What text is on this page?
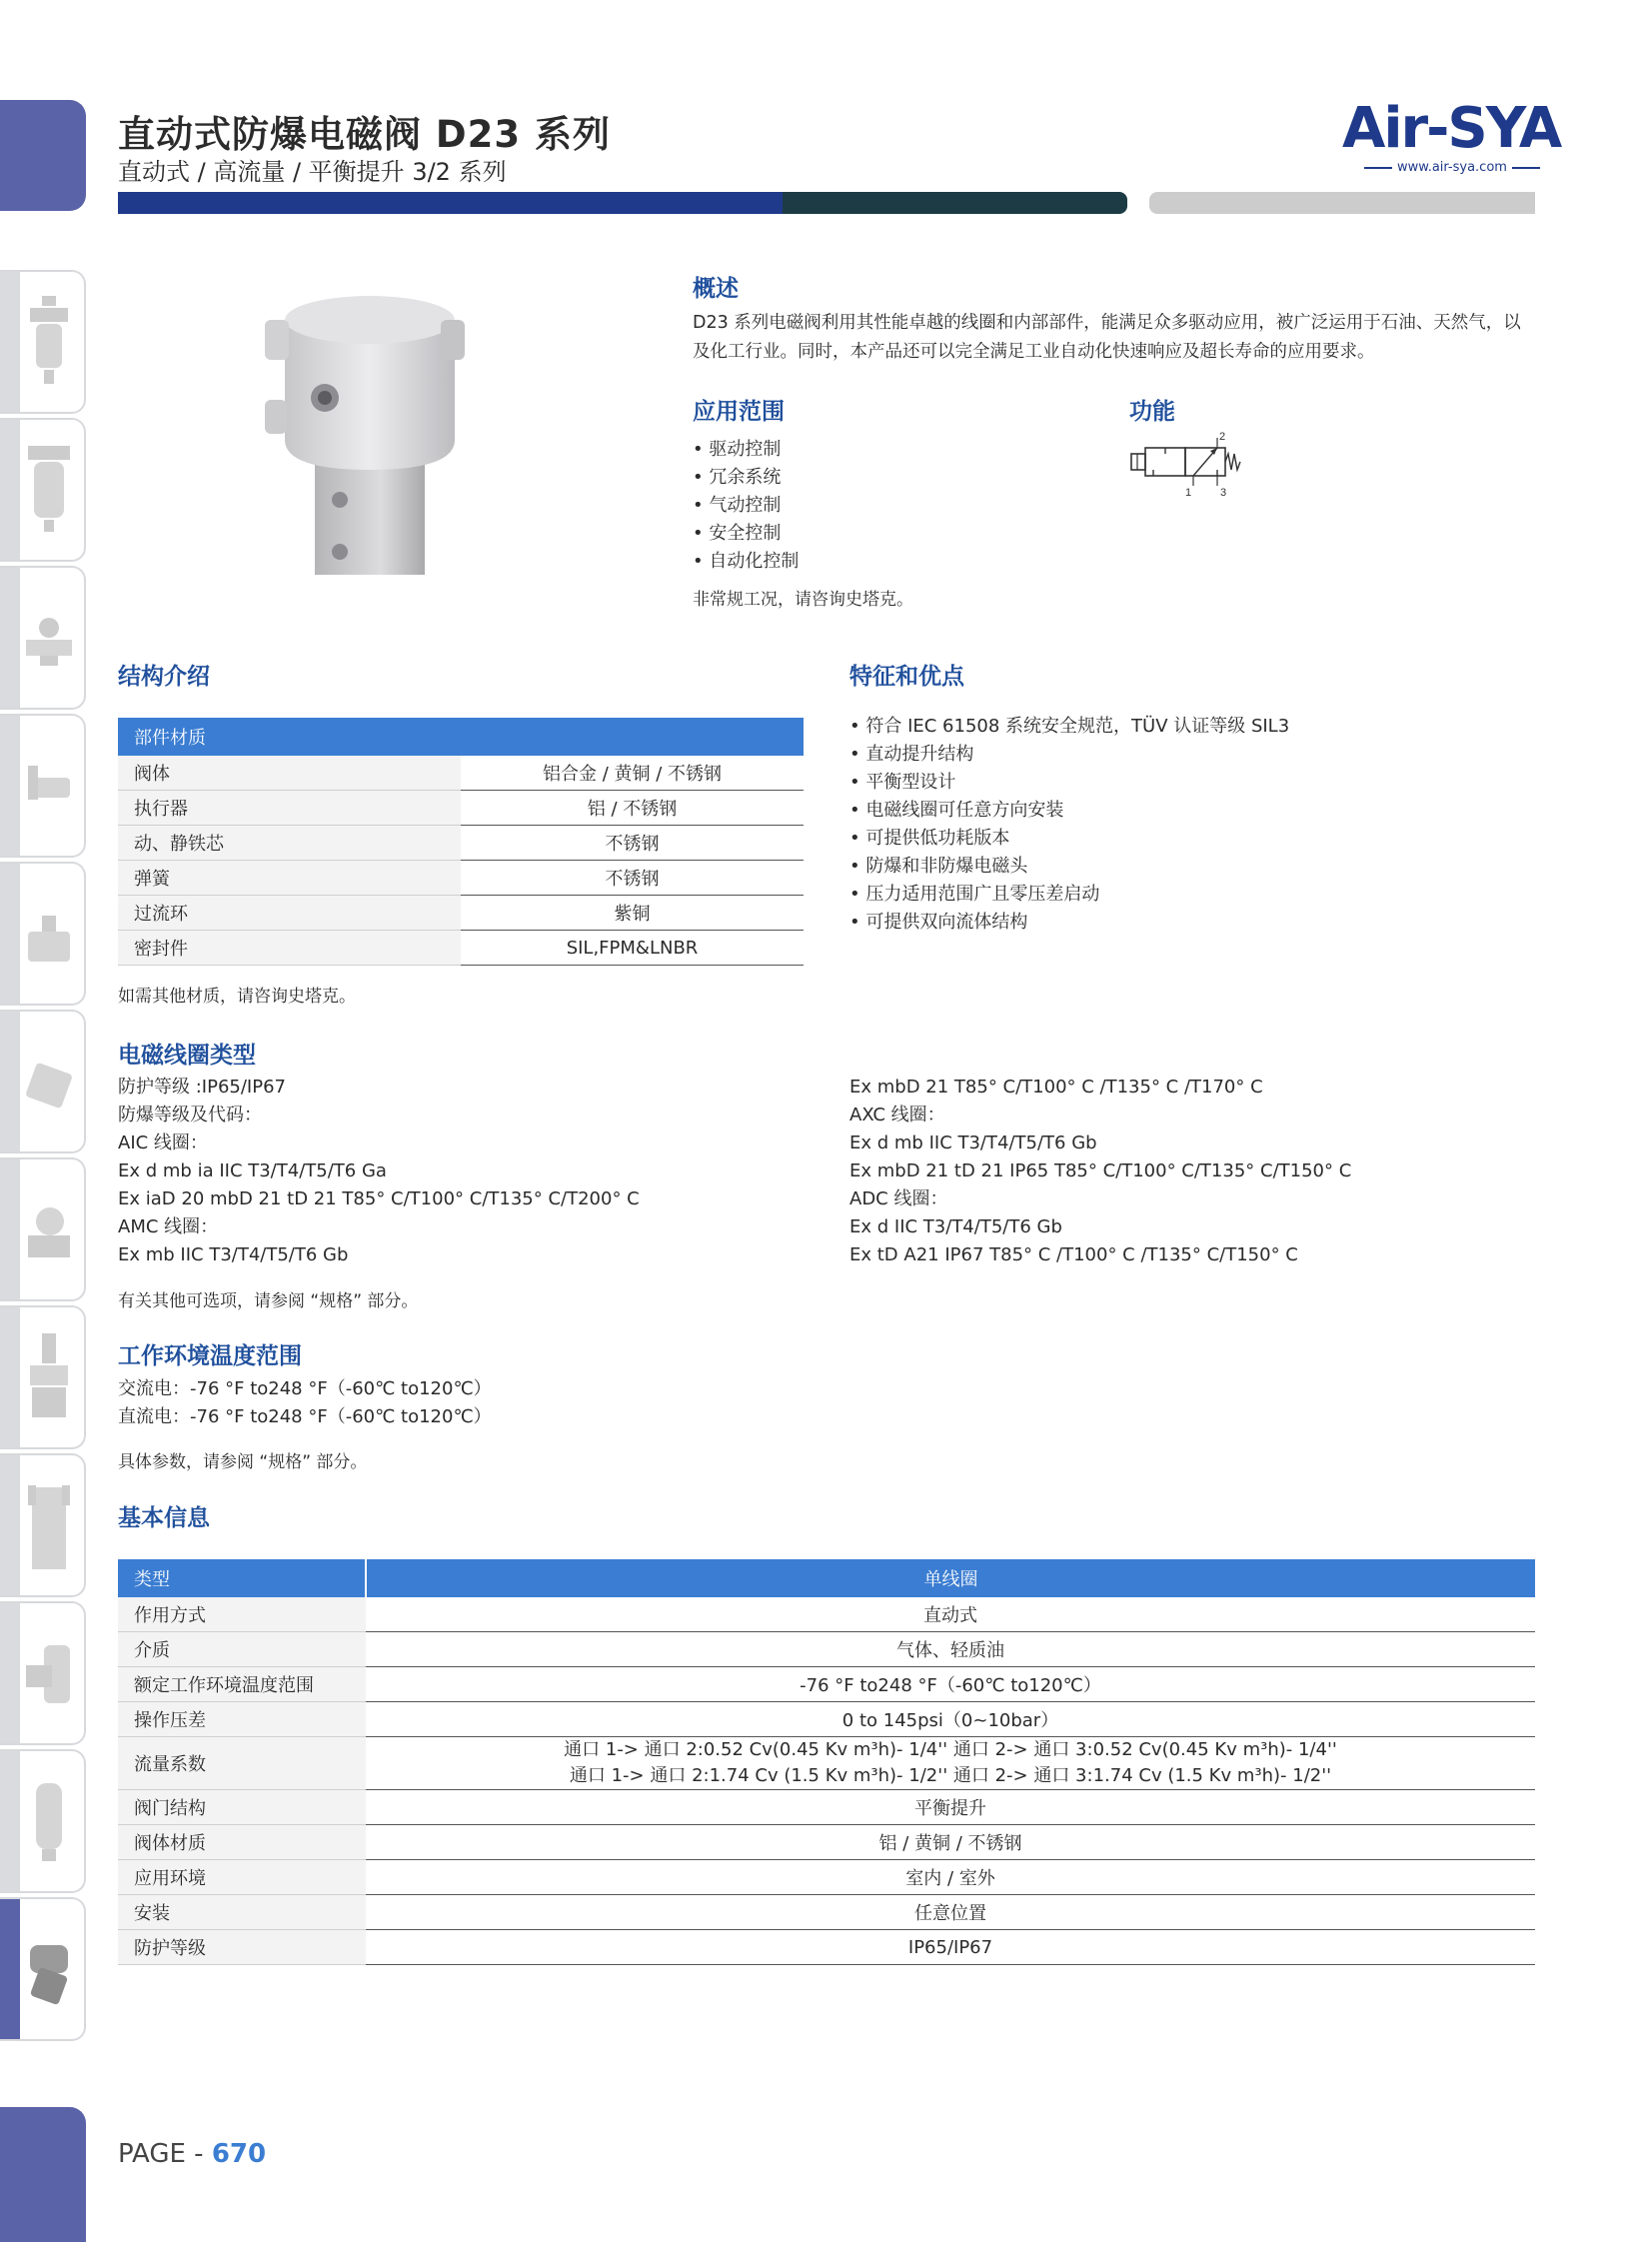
直动式防爆电磁阀 D23 系列
直动式 / 高流量 / 平衡提升 3/2 系列
Air-SYA
www.air-sya.com
概述
D23 系列电磁阀利用其性能卓越的线圈和内部部件，能满足众多驱动应用，被广泛运用于石油、天然气，以及化工行业。同时，本产品还可以完全满足工业自动化快速响应及超长寿命的应用要求。
应用范围
• 驱动控制
• 冗余系统
• 气动控制
• 安全控制
• 自动化控制
非常规工况，请咨询史塔克。
功能
2
1	3
结构介绍
部件材质	
阀体	铝合金 / 黄铜 / 不锈钢
执行器	铝 / 不锈钢
动、静铁芯	不锈钢
弹簧	不锈钢
过流环	紫铜
密封件	SIL,FPM&LNBR
如需其他材质，请咨询史塔克。
特征和优点
• 符合 IEC 61508 系统安全规范，TÜV 认证等级 SIL3
• 直动提升结构
• 平衡型设计
• 电磁线圈可任意方向安装
• 可提供低功耗版本
• 防爆和非防爆电磁头
• 压力适用范围广且零压差启动
• 可提供双向流体结构
电磁线圈类型
防护等级 :IP65/IP67
防爆等级及代码：
AIC 线圈：
Ex d mb ia IIC T3/T4/T5/T6 Ga
Ex iaD 20 mbD 21 tD 21 T85° C/T100° C/T135° C/T200° C
AMC 线圈：
Ex mb IIC T3/T4/T5/T6 Gb
Ex mbD 21 T85° C/T100° C /T135° C /T170° C
AXC 线圈：
Ex d mb IIC T3/T4/T5/T6 Gb
Ex mbD 21 tD 21 IP65 T85° C/T100° C/T135° C/T150° C
ADC 线圈：
Ex d IIC T3/T4/T5/T6 Gb
Ex tD A21 IP67 T85° C /T100° C /T135° C/T150° C
有关其他可选项，请参阅 “规格” 部分。
工作环境温度范围
交流电：-76 °F to248 °F（-60℃ to120℃）
直流电：-76 °F to248 °F（-60℃ to120℃）
具体参数，请参阅 “规格” 部分。
基本信息
类型	单线圈
作用方式	直动式
介质	气体、轻质油
额定工作环境温度范围	-76 °F to248 °F（-60℃ to120℃）
操作压差	0 to 145psi（0~10bar）
流量系数	通口 1-> 通口 2:0.52 Cv(0.45 Kv m³h)- 1/4'' 通口 2-> 通口 3:0.52 Cv(0.45 Kv m³h)- 1/4''
通口 1-> 通口 2:1.74 Cv (1.5 Kv m³h)- 1/2'' 通口 2-> 通口 3:1.74 Cv (1.5 Kv m³h)- 1/2''

阀门结构	平衡提升
阀体材质	铝 / 黄铜 / 不锈钢
应用环境	室内 / 室外
安装	任意位置
防护等级	IP65/IP67
PAGE - 670
